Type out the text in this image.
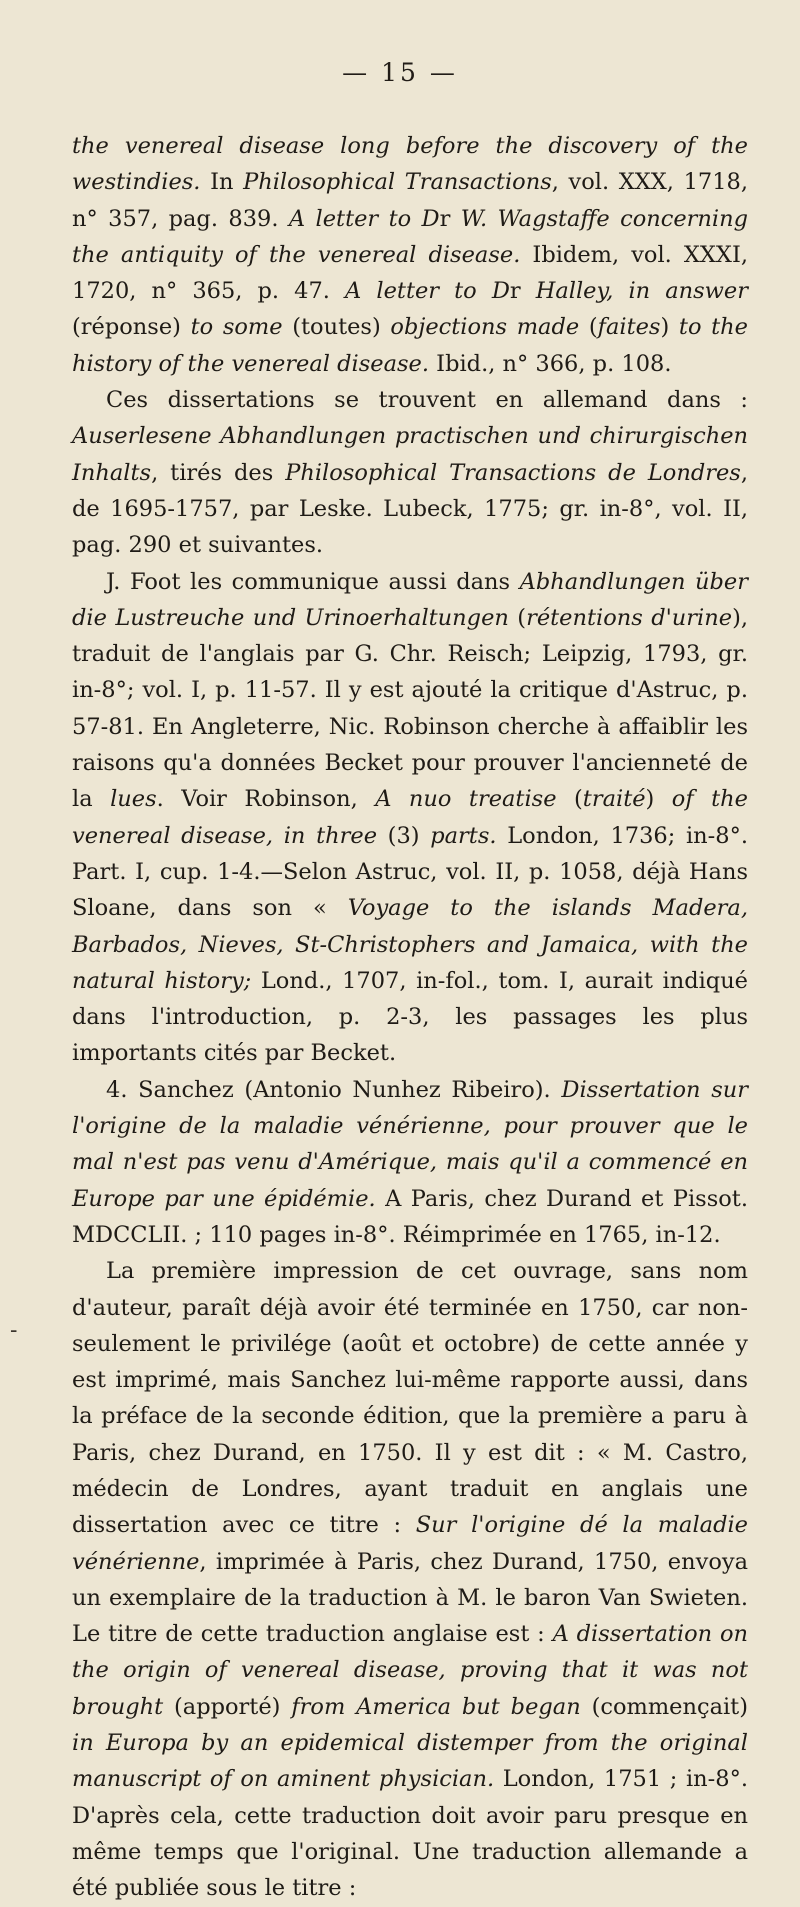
— 15 —
-

the venereal disease long before the discovery of the westindies. In Philosophical Transactions, vol. XXX, 1718, n° 357, pag. 839. A letter to Dr W. Wagstaffe concerning the antiquity of the venereal disease. Ibidem, vol. XXXI, 1720, n° 365, p. 47. A letter to Dr Halley, in answer (réponse) to some (toutes) objections made (faites) to the history of the venereal disease. Ibid., n° 366, p. 108.

Ces dissertations se trouvent en allemand dans : Auserlesene Abhandlungen practischen und chirurgischen Inhalts, tirés des Philosophical Transactions de Londres, de 1695-1757, par Leske. Lubeck, 1775; gr. in-8°, vol. II, pag. 290 et suivantes.

J. Foot les communique aussi dans Abhandlungen über die Lustreuche und Urinoerhaltungen (rétentions d'urine), traduit de l'anglais par G. Chr. Reisch; Leipzig, 1793, gr. in-8°; vol. I, p. 11-57. Il y est ajouté la critique d'Astruc, p. 57-81. En Angleterre, Nic. Robinson cherche à affaiblir les raisons qu'a données Becket pour prouver l'ancienneté de la lues. Voir Robinson, A nuo treatise (traité) of the venereal disease, in three (3) parts. London, 1736; in-8°. Part. I, cup. 1-4.—Selon Astruc, vol. II, p. 1058, déjà Hans Sloane, dans son « Voyage to the islands Madera, Barbados, Nieves, St-Christophers and Jamaica, with the natural history; Lond., 1707, in-fol., tom. I, aurait indiqué dans l'introduction, p. 2-3, les passages les plus importants cités par Becket.

4. Sanchez (Antonio Nunhez Ribeiro). Dissertation sur l'origine de la maladie vénérienne, pour prouver que le mal n'est pas venu d'Amérique, mais qu'il a commencé en Europe par une épidémie. A Paris, chez Durand et Pissot. MDCCLII. ; 110 pages in-8°. Réimprimée en 1765, in-12.

La première impression de cet ouvrage, sans nom d'auteur, paraît déjà avoir été terminée en 1750, car non-seulement le privilége (août et octobre) de cette année y est imprimé, mais Sanchez lui-même rapporte aussi, dans la préface de la seconde édition, que la première a paru à Paris, chez Durand, en 1750. Il y est dit : « M. Castro, médecin de Londres, ayant traduit en anglais une dissertation avec ce titre : Sur l'origine dé la maladie vénérienne, imprimée à Paris, chez Durand, 1750, envoya un exemplaire de la traduction à M. le baron Van Swieten. Le titre de cette traduction anglaise est : A dissertation on the origin of venereal disease, proving that it was not brought (apporté) from America but began (commençait) in Europa by an epidemical distemper from the original manuscript of on aminent physician. London, 1751 ; in-8°. D'après cela, cette traduction doit avoir paru presque en même temps que l'original. Une traduction allemande a été publiée sous le titre :
